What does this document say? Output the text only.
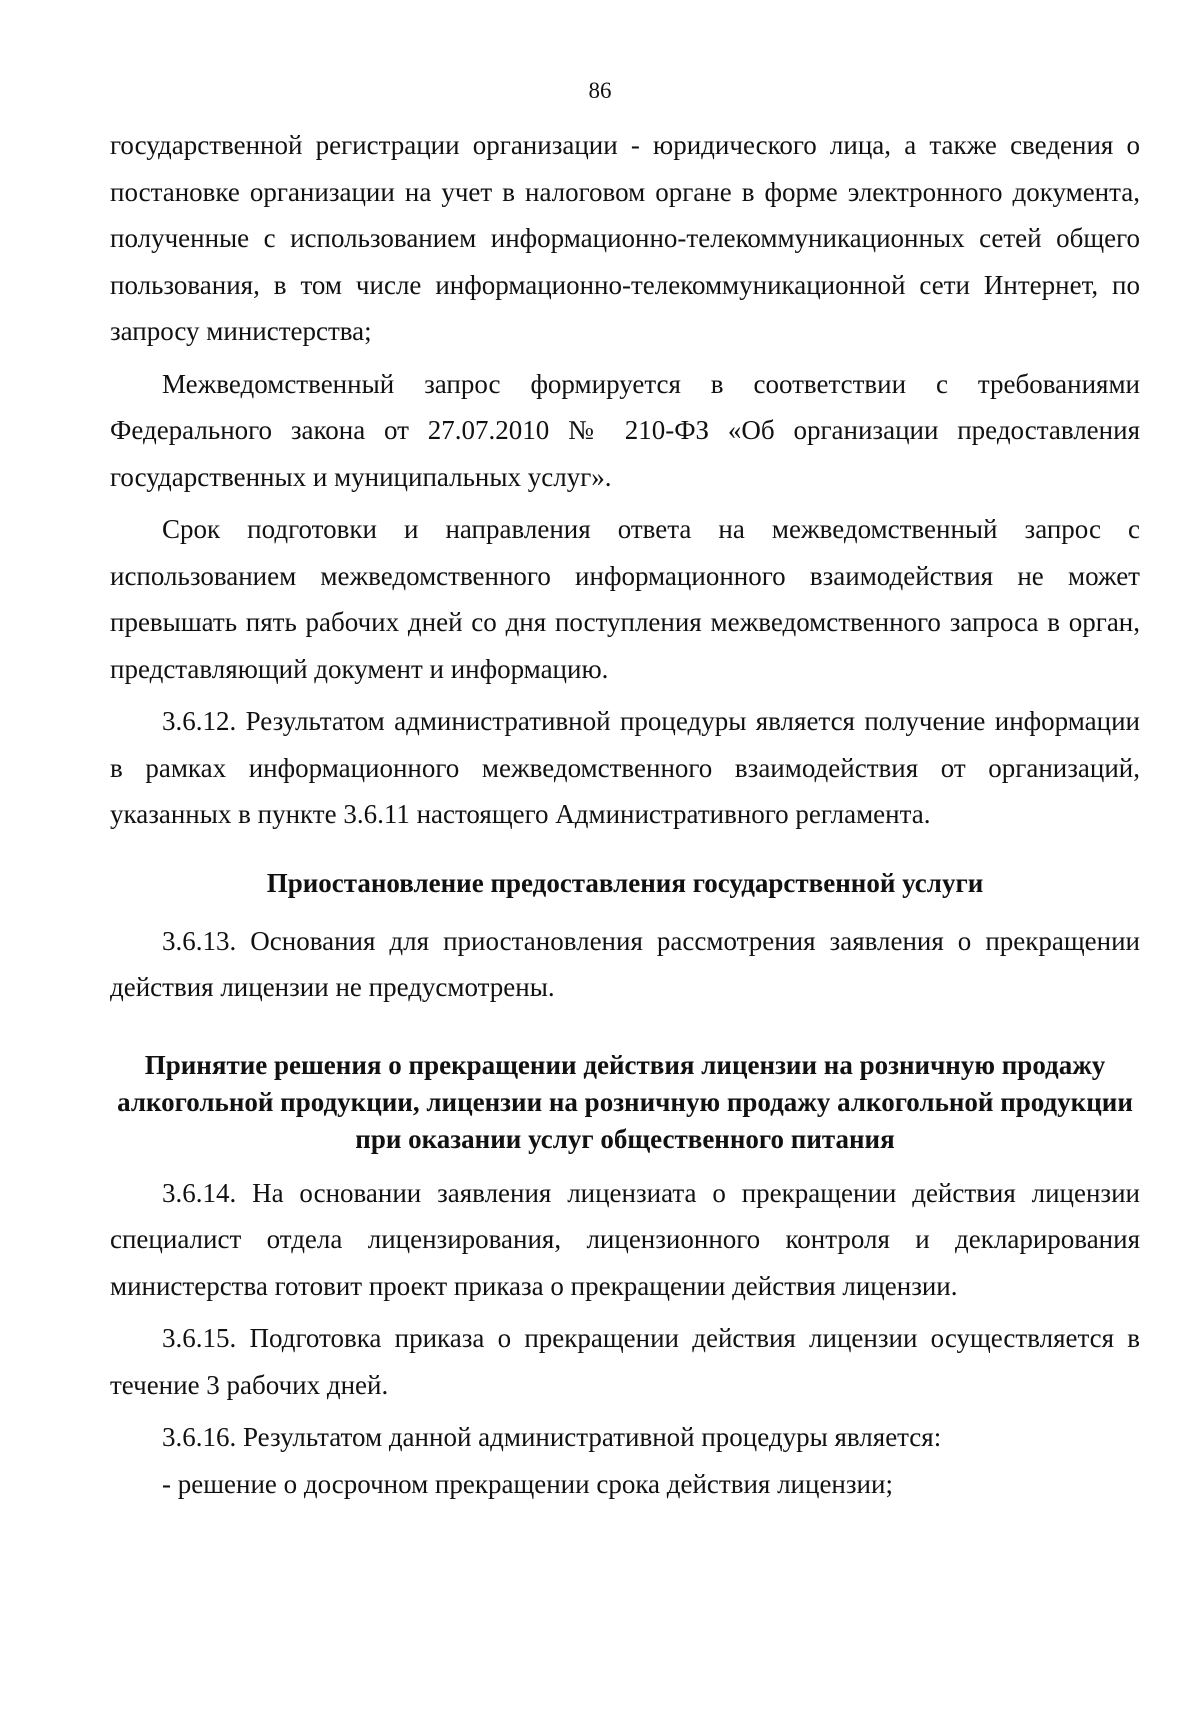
86

государственной регистрации организации - юридического лица, а также сведения о постановке организации на учет в налоговом органе в форме электронного документа, полученные с использованием информационно-телекоммуникационных сетей общего пользования, в том числе информационно-телекоммуникационной сети Интернет, по запросу министерства;

Межведомственный запрос формируется в соответствии с требованиями Федерального закона от 27.07.2010 № 210-ФЗ «Об организации предоставления государственных и муниципальных услуг».

Срок подготовки и направления ответа на межведомственный запрос с использованием межведомственного информационного взаимодействия не может превышать пять рабочих дней со дня поступления межведомственного запроса в орган, представляющий документ и информацию.

3.6.12. Результатом административной процедуры является получение информации в рамках информационного межведомственного взаимодействия от организаций, указанных в пункте 3.6.11 настоящего Административного регламента.

Приостановление предоставления государственной услуги

3.6.13. Основания для приостановления рассмотрения заявления о прекращении действия лицензии не предусмотрены.

Принятие решения о прекращении действия лицензии на розничную продажу алкогольной продукции, лицензии на розничную продажу алкогольной продукции при оказании услуг общественного питания

3.6.14. На основании заявления лицензиата о прекращении действия лицензии специалист отдела лицензирования, лицензионного контроля и декларирования министерства готовит проект приказа о прекращении действия лицензии.

3.6.15. Подготовка приказа о прекращении действия лицензии осуществляется в течение 3 рабочих дней.

3.6.16. Результатом данной административной процедуры является:

- решение о досрочном прекращении срока действия лицензии;
